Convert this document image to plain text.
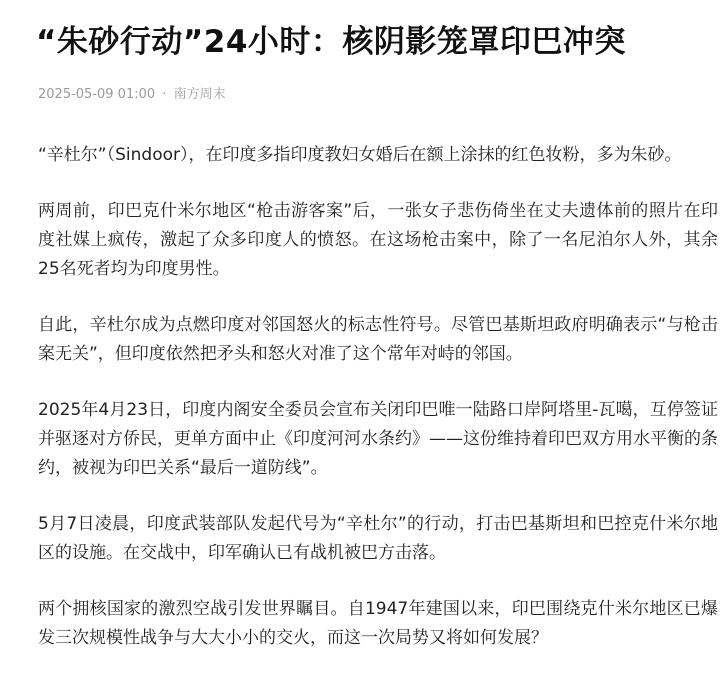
“朱砂行动”24小时：核阴影笼罩印巴冲突
2025-05-09 01:00 · 南方周末

“辛杜尔”（Sindoor），在印度多指印度教妇女婚后在额上涂抹的红色妆粉，多为朱砂。

两周前，印巴克什米尔地区“枪击游客案”后，一张女子悲伤倚坐在丈夫遗体前的照片在印度社媒上疯传，激起了众多印度人的愤怒。在这场枪击案中，除了一名尼泊尔人外，其余25名死者均为印度男性。

自此，辛杜尔成为点燃印度对邻国怒火的标志性符号。尽管巴基斯坦政府明确表示“与枪击案无关”，但印度依然把矛头和怒火对准了这个常年对峙的邻国。

2025年4月23日，印度内阁安全委员会宣布关闭印巴唯一陆路口岸阿塔里-瓦噶，互停签证并驱逐对方侨民，更单方面中止《印度河河水条约》——这份维持着印巴双方用水平衡的条约，被视为印巴关系“最后一道防线”。

5月7日凌晨，印度武装部队发起代号为“辛杜尔”的行动，打击巴基斯坦和巴控克什米尔地区的设施。在交战中，印军确认已有战机被巴方击落。

两个拥核国家的激烈空战引发世界瞩目。自1947年建国以来，印巴围绕克什米尔地区已爆发三次规模性战争与大大小小的交火，而这一次局势又将如何发展？
